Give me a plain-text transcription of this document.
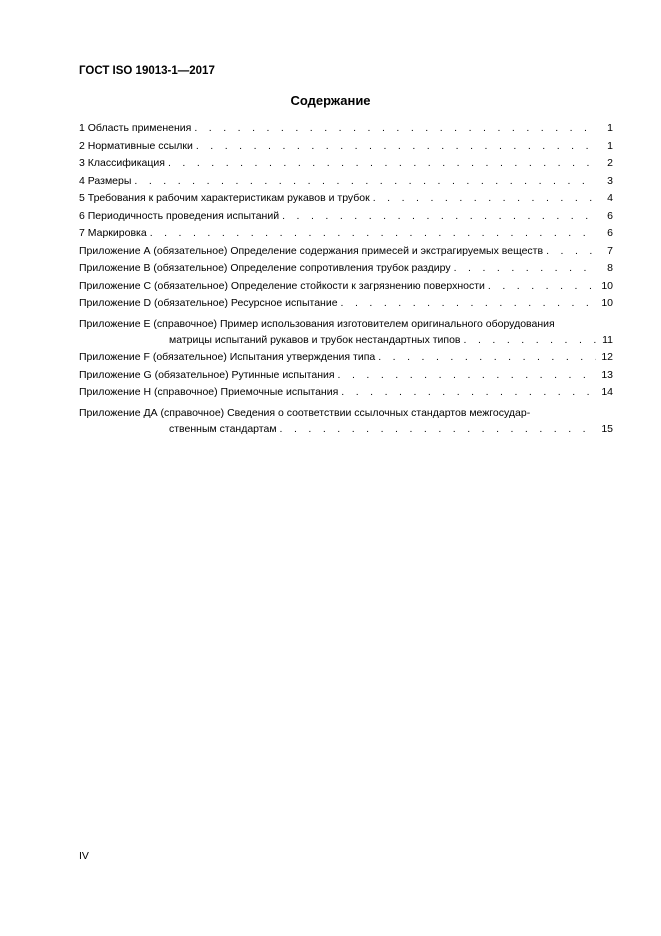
ГОСТ ISO 19013-1—2017
Содержание
1 Область применения . . .	1
2 Нормативные ссылки . . .	1
3 Классификация . . .	2
4 Размеры . . .	3
5 Требования к рабочим характеристикам рукавов и трубок . . .	4
6 Периодичность проведения испытаний . . .	6
7 Маркировка . . .	6
Приложение А (обязательное) Определение содержания примесей и экстрагируемых веществ . . .	7
Приложение В (обязательное) Определение сопротивления трубок раздиру . . .	8
Приложение С (обязательное) Определение стойкости к загрязнению поверхности . . .	10
Приложение D (обязательное) Ресурсное испытание . . .	10
Приложение Е (справочное) Пример использования изготовителем оригинального оборудования
матрицы испытаний рукавов и трубок нестандартных типов . . .	11
Приложение F (обязательное) Испытания утверждения типа . . .	12
Приложение G (обязательное) Рутинные испытания . . .	13
Приложение Н (справочное) Приемочные испытания . . .	14
Приложение ДА (справочное) Сведения о соответствии ссылочных стандартов межгосудар-
ственным стандартам . . .	15
IV
